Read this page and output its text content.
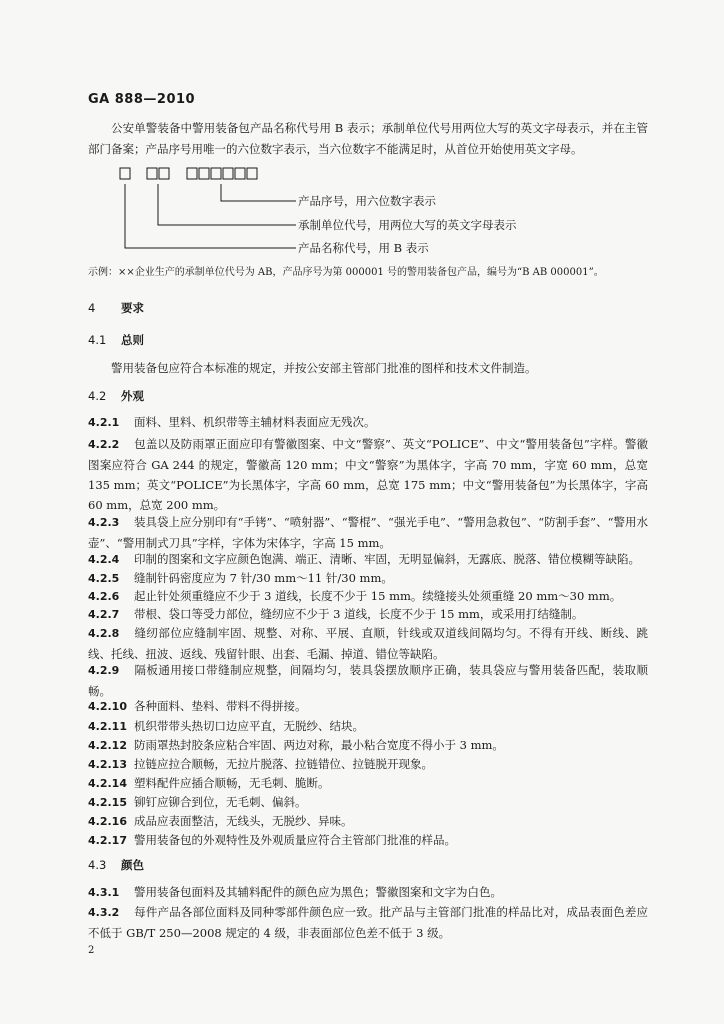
GA 888—2010
公安单警装备中警用装备包产品名称代号用 B 表示；承制单位代号用两位大写的英文字母表示，并在主管部门备案；产品序号用唯一的六位数字表示，当六位数字不能满足时，从首位开始使用英文字母。
产品序号，用六位数字表示
承制单位代号，用两位大写的英文字母表示
产品名称代号，用 B 表示
示例：××企业生产的承制单位代号为 AB，产品序号为第 000001 号的警用装备包产品，编号为“B AB 000001”。
4 要求
4.1 总则
警用装备包应符合本标准的规定，并按公安部主管部门批准的图样和技术文件制造。
4.2 外观
4.2.1 面料、里料、机织带等主辅材料表面应无残次。
4.2.2 包盖以及防雨罩正面应印有警徽图案、中文“警察”、英文“POLICE”、中文“警用装备包”字样。警徽图案应符合 GA 244 的规定，警徽高 120 mm；中文“警察”为黑体字，字高 70 mm，字宽 60 mm，总宽 135 mm；英文“POLICE”为长黑体字，字高 60 mm，总宽 175 mm；中文“警用装备包”为长黑体字，字高 60 mm，总宽 200 mm。
4.2.3 装具袋上应分别印有“手铐”、“喷射器”、“警棍”、“强光手电”、“警用急救包”、“防割手套”、“警用水壶”、“警用制式刀具”字样，字体为宋体字，字高 15 mm。
4.2.4 印制的图案和文字应颜色饱满、端正、清晰、牢固，无明显偏斜，无露底、脱落、错位模糊等缺陷。
4.2.5 缝制针码密度应为 7 针/30 mm～11 针/30 mm。
4.2.6 起止针处须重缝应不少于 3 道线，长度不少于 15 mm。续缝接头处须重缝 20 mm～30 mm。
4.2.7 带根、袋口等受力部位，缝纫应不少于 3 道线，长度不少于 15 mm，或采用打结缝制。
4.2.8 缝纫部位应缝制牢固、规整、对称、平展、直顺，针线或双道线间隔均匀。不得有开线、断线、跳线、托线、扭波、返线、残留针眼、出套、毛漏、掉道、错位等缺陷。
4.2.9 隔板通用接口带缝制应规整，间隔均匀，装具袋摆放顺序正确，装具袋应与警用装备匹配，装取顺畅。
4.2.10 各种面料、垫料、带料不得拼接。
4.2.11 机织带带头热切口边应平直，无脱纱、结块。
4.2.12 防雨罩热封胶条应粘合牢固、两边对称，最小粘合宽度不得小于 3 mm。
4.2.13 拉链应拉合顺畅，无拉片脱落、拉链错位、拉链脱开现象。
4.2.14 塑料配件应插合顺畅，无毛刺、脆断。
4.2.15 铆钉应铆合到位，无毛刺、偏斜。
4.2.16 成品应表面整洁，无线头，无脱纱、异味。
4.2.17 警用装备包的外观特性及外观质量应符合主管部门批准的样品。
4.3 颜色
4.3.1 警用装备包面料及其辅料配件的颜色应为黑色；警徽图案和文字为白色。
4.3.2 每件产品各部位面料及同种零部件颜色应一致。批产品与主管部门批准的样品比对，成品表面色差应不低于 GB/T 250—2008 规定的 4 级，非表面部位色差不低于 3 级。
2
